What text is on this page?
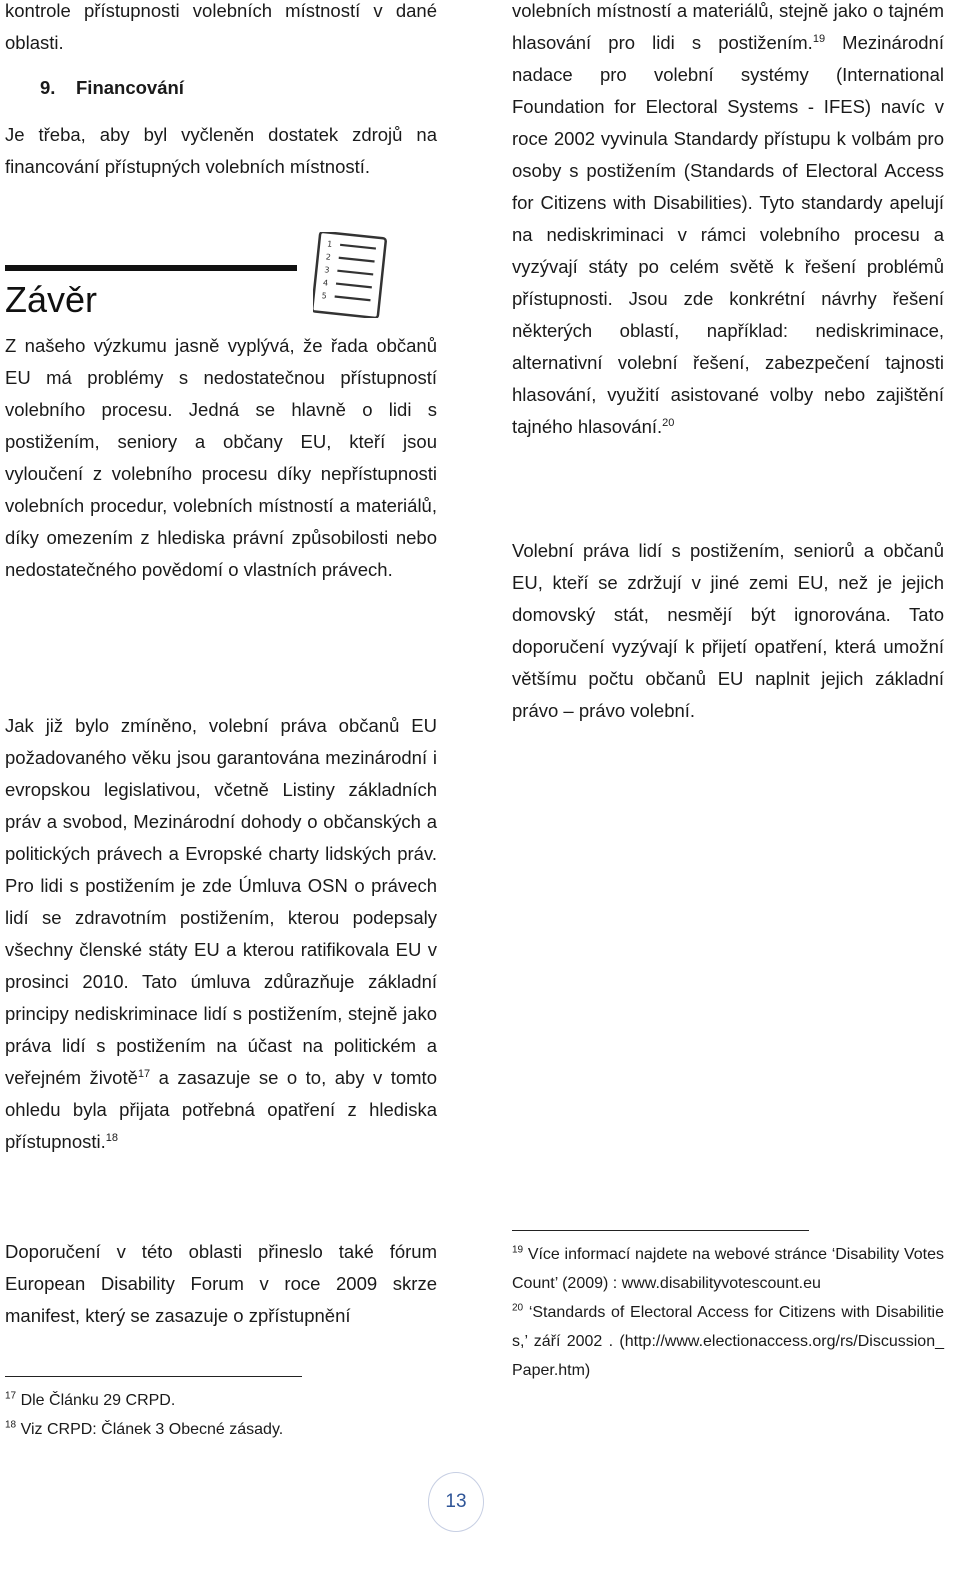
kontrole přístupnosti volebních místností v dané oblasti.

9. Financování

Je třeba, aby byl vyčleněn dostatek zdrojů na financování přístupných volebních místností.

Závěr
1
2
3
4
5

Z našeho výzkumu jasně vyplývá, že řada občanů EU má problémy s nedostatečnou přístupností volebního procesu. Jedná se hlavně o lidi s postižením, seniory a občany EU, kteří jsou vyloučení z volebního procesu díky nepřístupnosti volebních procedur, volebních místností a materiálů, díky omezením z hlediska právní způsobilosti nebo nedostatečného povědomí o vlastních právech.

Jak již bylo zmíněno, volební práva občanů EU požadovaného věku jsou garantována mezinárodní i evropskou legislativou, včetně Listiny základních práv a svobod, Mezinárodní dohody o občanských a politických právech a Evropské charty lidských práv. Pro lidi s postižením je zde Úmluva OSN o právech lidí se zdravotním postižením, kterou podepsaly všechny členské státy EU a kterou ratifikovala EU v prosinci 2010. Tato úmluva zdůrazňuje základní principy nediskriminace lidí s postižením, stejně jako práva lidí s postižením na účast na politickém a veřejném životě$^{17}$ a zasazuje se o to, aby v tomto ohledu byla přijata potřebná opatření z hlediska přístupnosti.$^{18}$

Doporučení v této oblasti přineslo také fórum European Disability Forum v roce 2009 skrze manifest, který se zasazuje o zpřístupnění

$^{17}$ Dle Článku 29 CRPD.

$^{18}$ Viz CRPD: Článek 3 Obecné zásady.

volebních místností a materiálů, stejně jako o tajném hlasování pro lidi s postižením.$^{19}$ Mezinárodní nadace pro volební systémy (International Foundation for Electoral Systems - IFES) navíc v roce 2002 vyvinula Standardy přístupu k volbám pro osoby s postižením (Standards of Electoral Access for Citizens with Disabilities). Tyto standardy apelují na nediskriminaci v rámci volebního procesu a vyzývají státy po celém světě k řešení problémů přístupnosti. Jsou zde konkrétní návrhy řešení některých oblastí, například: nediskriminace, alternativní volební řešení, zabezpečení tajnosti hlasování, využití asistované volby nebo zajištění tajného hlasování.$^{20}$

Volební práva lidí s postižením, seniorů a občanů EU, kteří se zdržují v jiné zemi EU, než je jejich domovský stát, nesmějí být ignorována. Tato doporučení vyzývají k přijetí opatření, která umožní většímu počtu občanů EU naplnit jejich základní právo – právo volební.

$^{19}$ Více informací najdete na webové stránce ‘Disability Votes Count’ (2009) : www.disabilityvotescount.eu

$^{20}$ ‘Standards of Electoral Access for Citizens with Disabilities,’ září 2002 . (http://www.electionaccess.org/rs/Discussion_Paper.htm)

13
